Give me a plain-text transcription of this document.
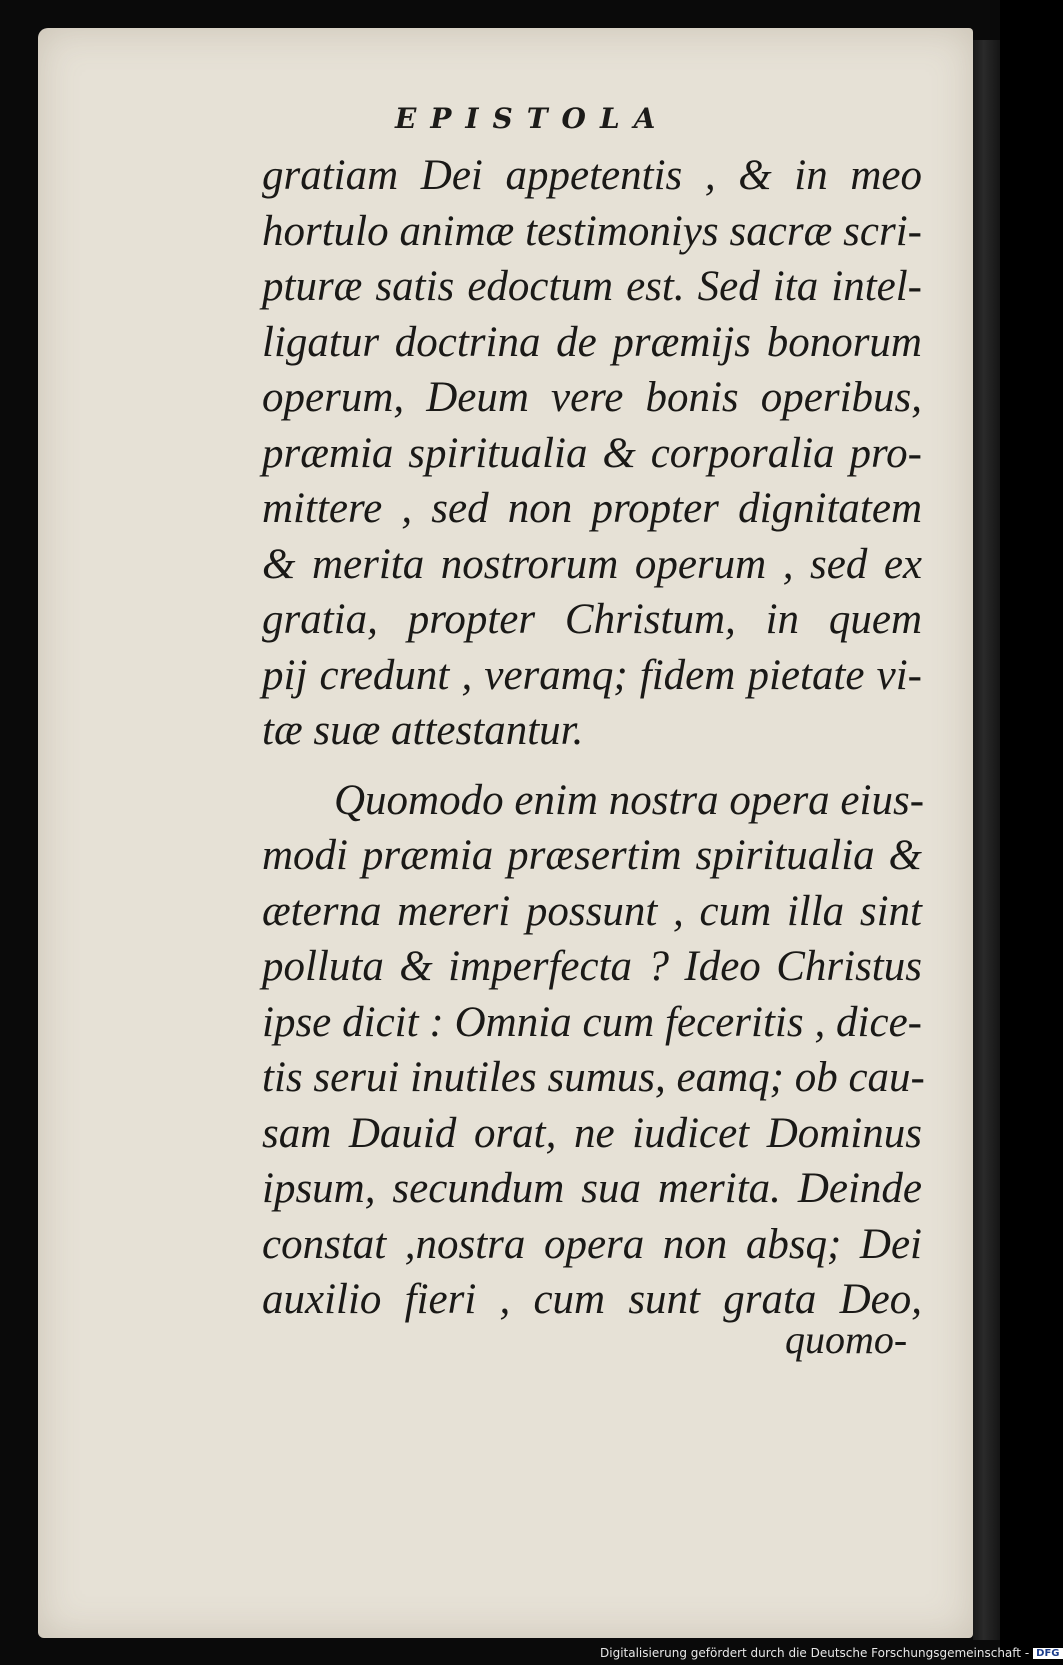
EPISTOLA
gratiam Dei appetentis , & in meo
hortulo animæ testimoniys sacræ scri-
pturæ satis edoctum est. Sed ita intel-
ligatur doctrina de præmijs bonorum
operum, Deum vere bonis operibus,
præmia spiritualia & corporalia pro-
mittere , sed non propter dignitatem
& merita nostrorum operum , sed ex
gratia, propter Christum, in quem
pij credunt , veramq; fidem pietate vi-
tæ suæ attestantur.
Quomodo enim nostra opera eius-
modi præmia præsertim spiritualia &
æterna mereri possunt , cum illa sint
polluta & imperfecta ? Ideo Christus
ipse dicit : Omnia cum feceritis , dice-
tis serui inutiles sumus, eamq; ob cau-
sam Dauid orat, ne iudicet Dominus
ipsum, secundum sua merita. Deinde
constat ,nostra opera non absq; Dei
auxilio fieri , cum sunt grata Deo,
quomo-
Digitalisierung gefördert durch die Deutsche Forschungsgemeinschaft - DFG
